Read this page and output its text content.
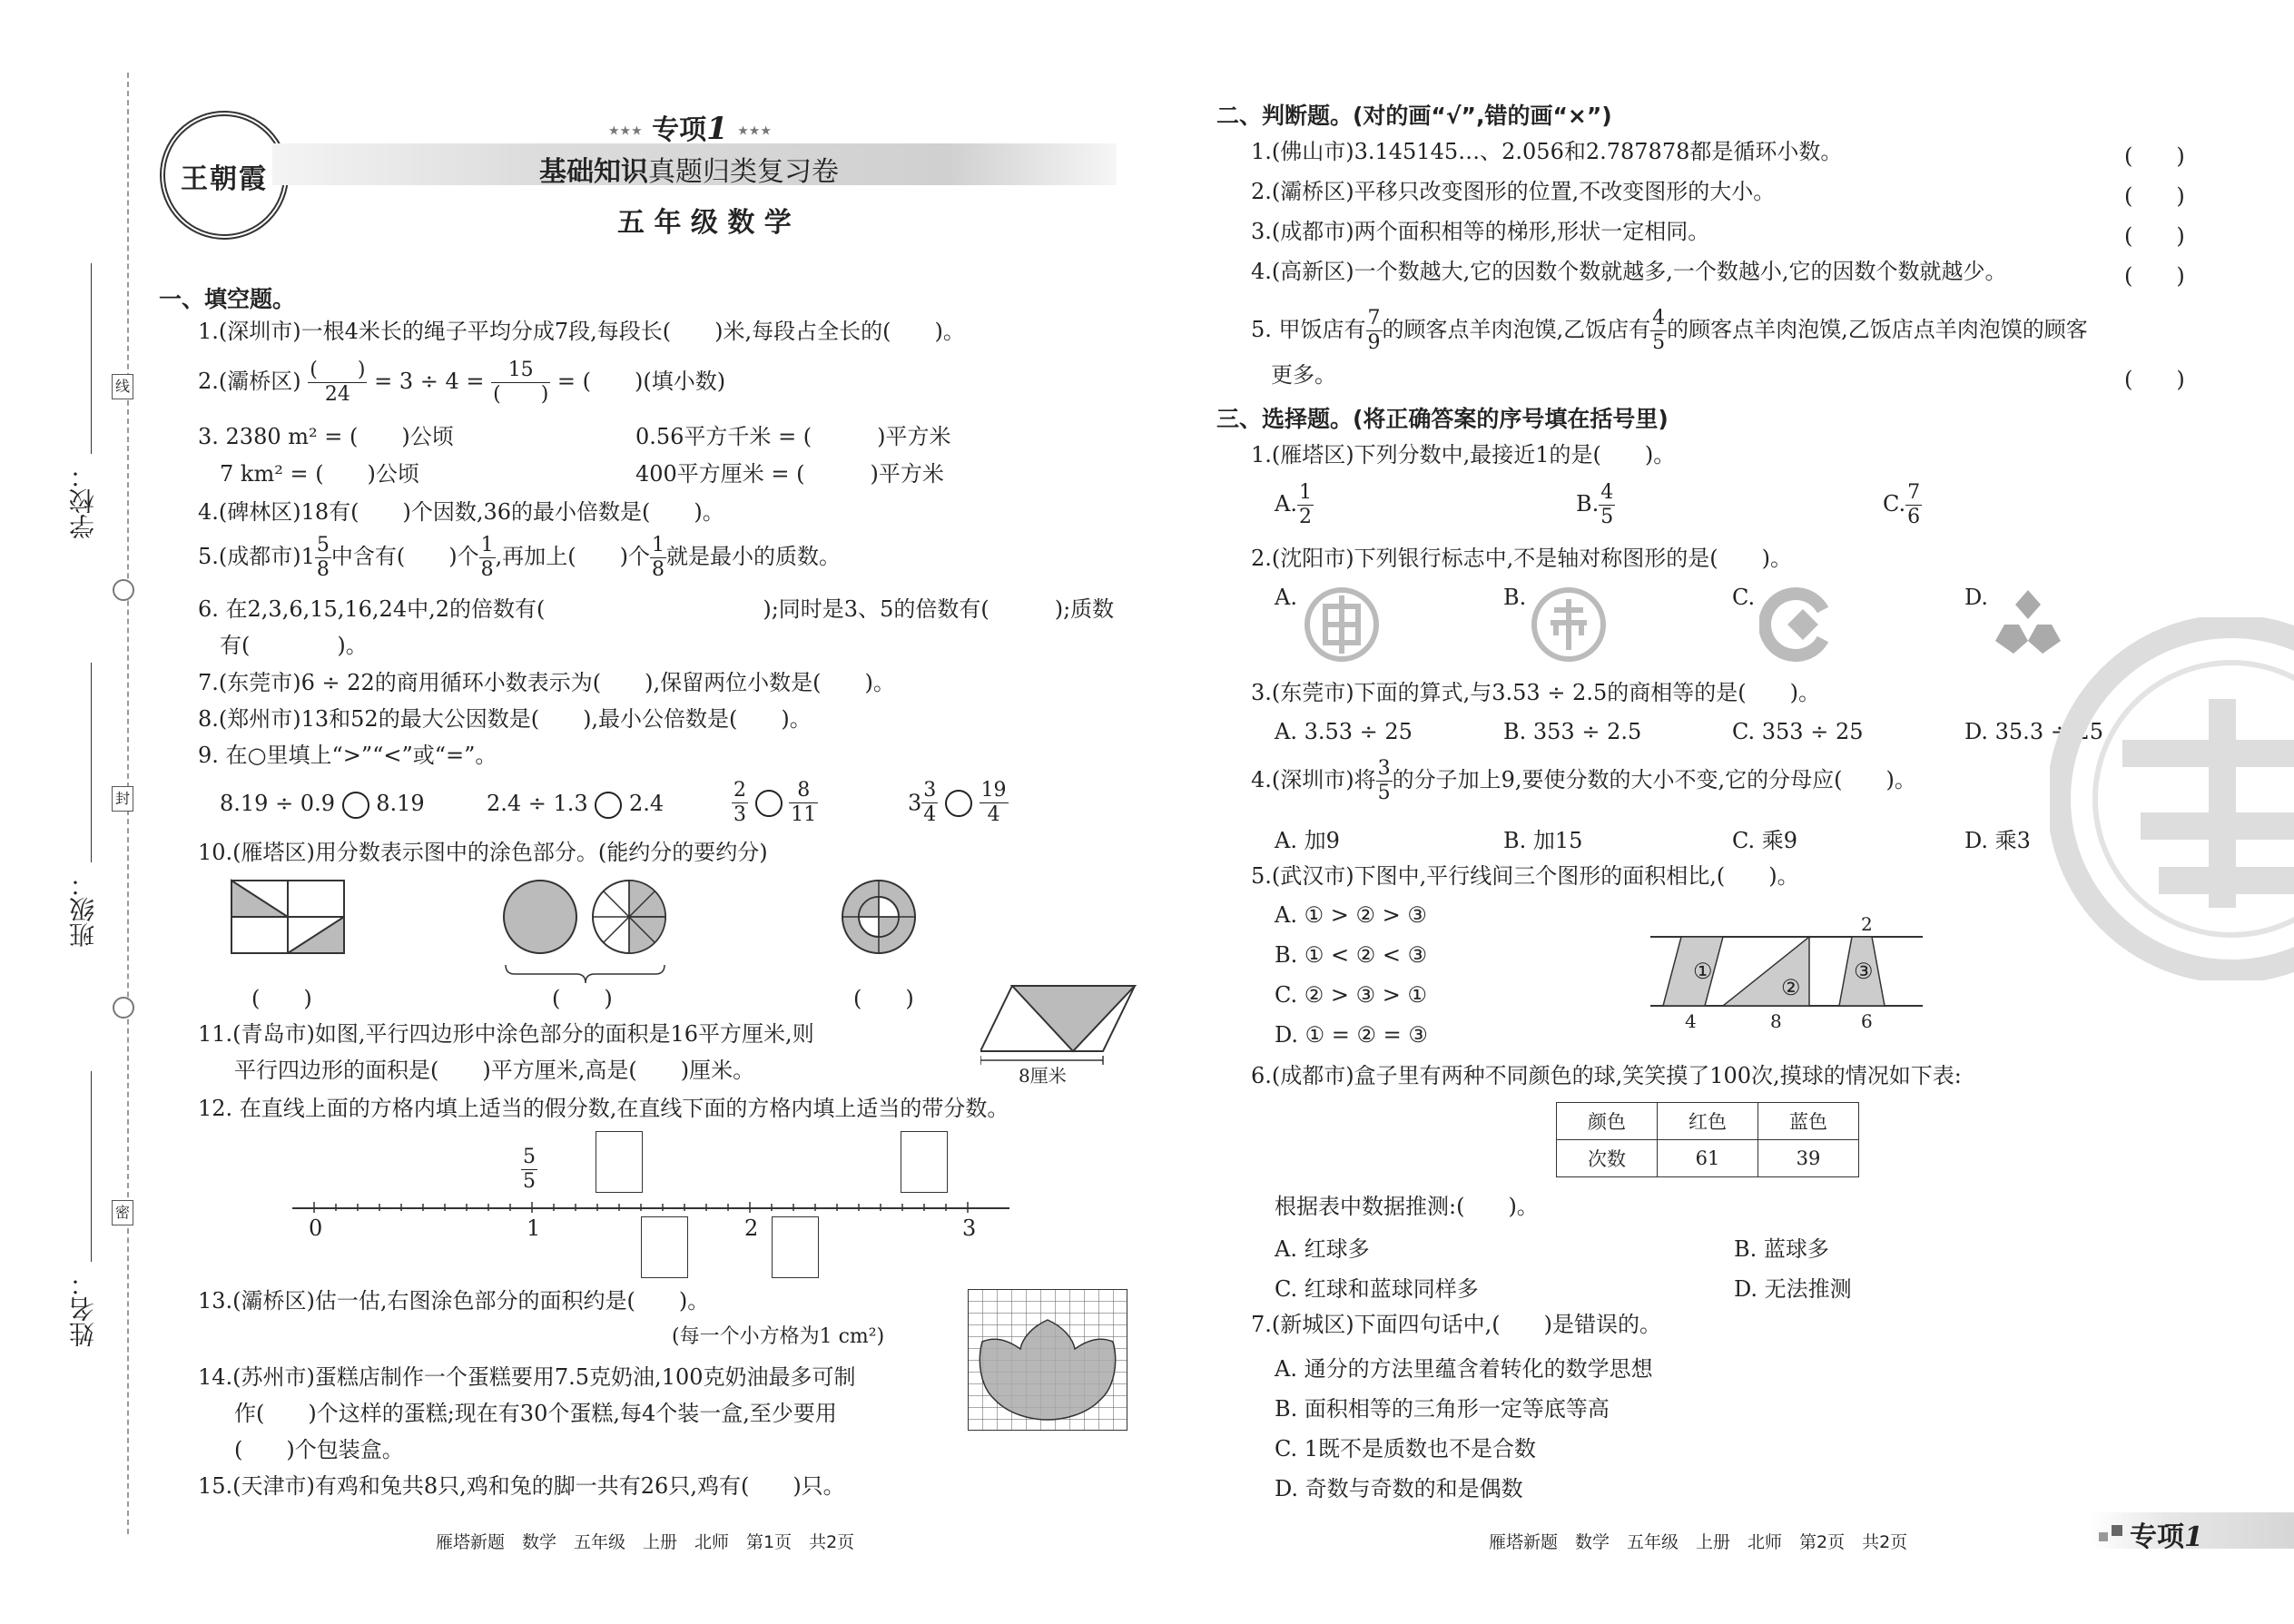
学校：
班级：
姓名：
线
封
密
王朝霞
★★★ 专项1 ★★★
基础知识真题归类复习卷
五 年 级 数 学
一、填空题。
1.(深圳市)一根4米长的绳子平均分成7段,每段长(　　)米,每段占全长的(　　)。
2.(灞桥区) $\frac{( )}{24} = 3 \div 4 = \frac{15}{( )}$ = (　　)(填小数)
3. 2380 m² = (　　)公顷	0.56平方千米 = (　　　)平方米
7 km² = (　　)公顷	400平方厘米 = (　　　)平方米
4.(碑林区)18有(　　)个因数,36的最小倍数是(　　)。
5.(成都市)$1 \frac{5}{8}$ 中含有(　　)个 $\frac{1}{8}$ ,再加上(　　)个 $\frac{1}{8}$ 就是最小的质数。
6. 在2,3,6,15,16,24中,2的倍数有(　　　　　　　　　　);同时是3、5的倍数有(　　　);质数
有(　　　　)。
7.(东莞市)6 ÷ 22的商用循环小数表示为(　　),保留两位小数是(　　)。
8.(郑州市)13和52的最大公因数是(　　),最小公倍数是(　　)。
9. 在○里填上“>”“<”或“=”。
8.19 ÷ 0.9 8.19	2.4 ÷ 1.3 2.4	$\frac{2}{3}$
$\frac{8}{11}$	$3 \frac{3}{4}$
$\frac{19}{4}$
10.(雁塔区)用分数表示图中的涂色部分。(能约分的要约分)
(　　)	(　　)	(　　)
11.(青岛市)如图,平行四边形中涂色部分的面积是16平方厘米,则
平行四边形的面积是(　　)平方厘米,高是(　　)厘米。	8厘米
12. 在直线上面的方格内填上适当的假分数,在直线下面的方格内填上适当的带分数。
0	1	2	3
$\frac{5}{5}$
13.(灞桥区)估一估,右图涂色部分的面积约是(　　)。
(每一个小方格为1 cm²)
14.(苏州市)蛋糕店制作一个蛋糕要用7.5克奶油,100克奶油最多可制
作(　　)个这样的蛋糕;现在有30个蛋糕,每4个装一盒,至少要用
(　　)个包装盒。
15.(天津市)有鸡和兔共8只,鸡和兔的脚一共有26只,鸡有(　　)只。
二、判断题。(对的画“√”,错的画“×”)
1.(佛山市)3.145145…、2.056和2.787878都是循环小数。
2.(灞桥区)平移只改变图形的位置,不改变图形的大小。
3.(成都市)两个面积相等的梯形,形状一定相同。
4.(高新区)一个数越大,它的因数个数就越多,一个数越小,它的因数个数就越少。
5. 甲饭店有 $\frac{7}{9}$ 的顾客点羊肉泡馍,乙饭店有 $\frac{4}{5}$ 的顾客点羊肉泡馍,乙饭店点羊肉泡馍的顾客
更多。
(　　)
(　　)
(　　)
(　　)
(　　)
三、选择题。(将正确答案的序号填在括号里)
1.(雁塔区)下列分数中,最接近1的是(　　)。
A. $\frac{1}{2}$	B. $\frac{4}{5}$	C. $\frac{7}{6}$
2.(沈阳市)下列银行标志中,不是轴对称图形的是(　　)。
A.	B.	C.	D.
3.(东莞市)下面的算式,与3.53 ÷ 2.5的商相等的是(　　)。
A. 3.53 ÷ 25	B. 353 ÷ 2.5	C. 353 ÷ 25	D. 35.3 ÷ 25
4.(深圳市)将 $\frac{3}{5}$ 的分子加上9,要使分数的大小不变,它的分母应(　　)。
A. 加9	B. 加15	C. 乘9	D. 乘3
5.(武汉市)下图中,平行线间三个图形的面积相比,(　　)。
A. ① > ② > ③
B. ① < ② < ③
C. ② > ③ > ①
D. ① = ② = ③
①
②
③
2
4	8	6
6.(成都市)盒子里有两种不同颜色的球,笑笑摸了100次,摸球的情况如下表:
颜色	红色	蓝色
次数	61	39
根据表中数据推测:(　　)。
A. 红球多	B. 蓝球多
C. 红球和蓝球同样多	D. 无法推测
7.(新城区)下面四句话中,(　　)是错误的。
A. 通分的方法里蕴含着转化的数学思想
B. 面积相等的三角形一定等底等高
C. 1既不是质数也不是合数
D. 奇数与奇数的和是偶数
雁塔新题　数学　五年级　上册　北师　第1页　共2页	雁塔新题　数学　五年级　上册　北师　第2页　共2页	专项1
